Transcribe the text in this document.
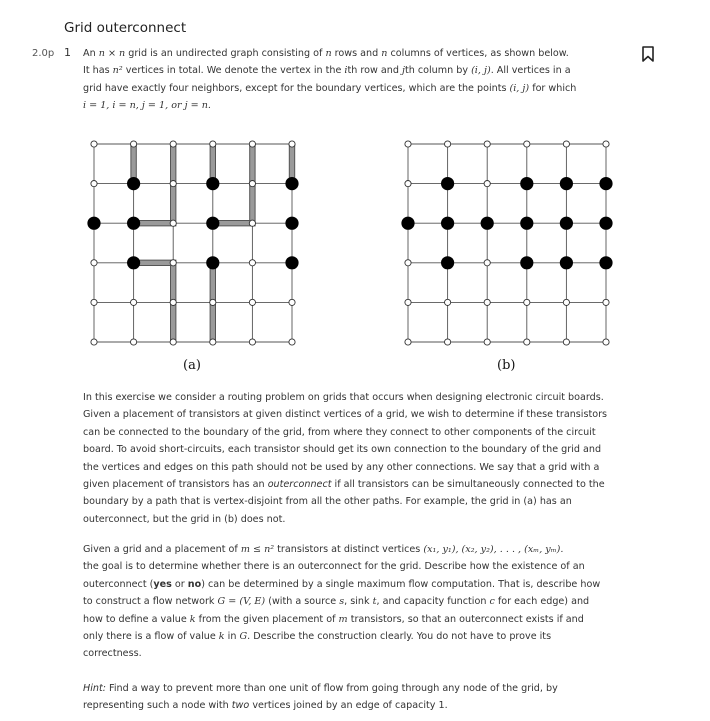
Grid outerconnect
2.0p 1 An n × n grid is an undirected graph consisting of n rows and n columns of vertices, as shown below.
It has n² vertices in total. We denote the vertex in the ith row and jth column by (i, j). All vertices in a
grid have exactly four neighbors, except for the boundary vertices, which are the points (i, j) for which
i = 1, i = n, j = 1, or j = n.
(a)	(b)
In this exercise we consider a routing problem on grids that occurs when designing electronic circuit boards.
Given a placement of transistors at given distinct vertices of a grid, we wish to determine if these transistors
can be connected to the boundary of the grid, from where they connect to other components of the circuit
board. To avoid short-circuits, each transistor should get its own connection to the boundary of the grid and
the vertices and edges on this path should not be used by any other connections. We say that a grid with a
given placement of transistors has an outerconnect if all transistors can be simultaneously connected to the
boundary by a path that is vertex-disjoint from all the other paths. For example, the grid in (a) has an
outerconnect, but the grid in (b) does not.
Given a grid and a placement of m ≤ n² transistors at distinct vertices (x₁, y₁), (x₂, y₂), . . . , (xₘ, yₘ).
the goal is to determine whether there is an outerconnect for the grid. Describe how the existence of an
outerconnect (yes or no) can be determined by a single maximum flow computation. That is, describe how
to construct a flow network G = (V, E) (with a source s, sink t, and capacity function c for each edge) and
how to define a value k from the given placement of m transistors, so that an outerconnect exists if and
only there is a flow of value k in G. Describe the construction clearly. You do not have to prove its
correctness.
Hint: Find a way to prevent more than one unit of flow from going through any node of the grid, by
representing such a node with two vertices joined by an edge of capacity 1.
